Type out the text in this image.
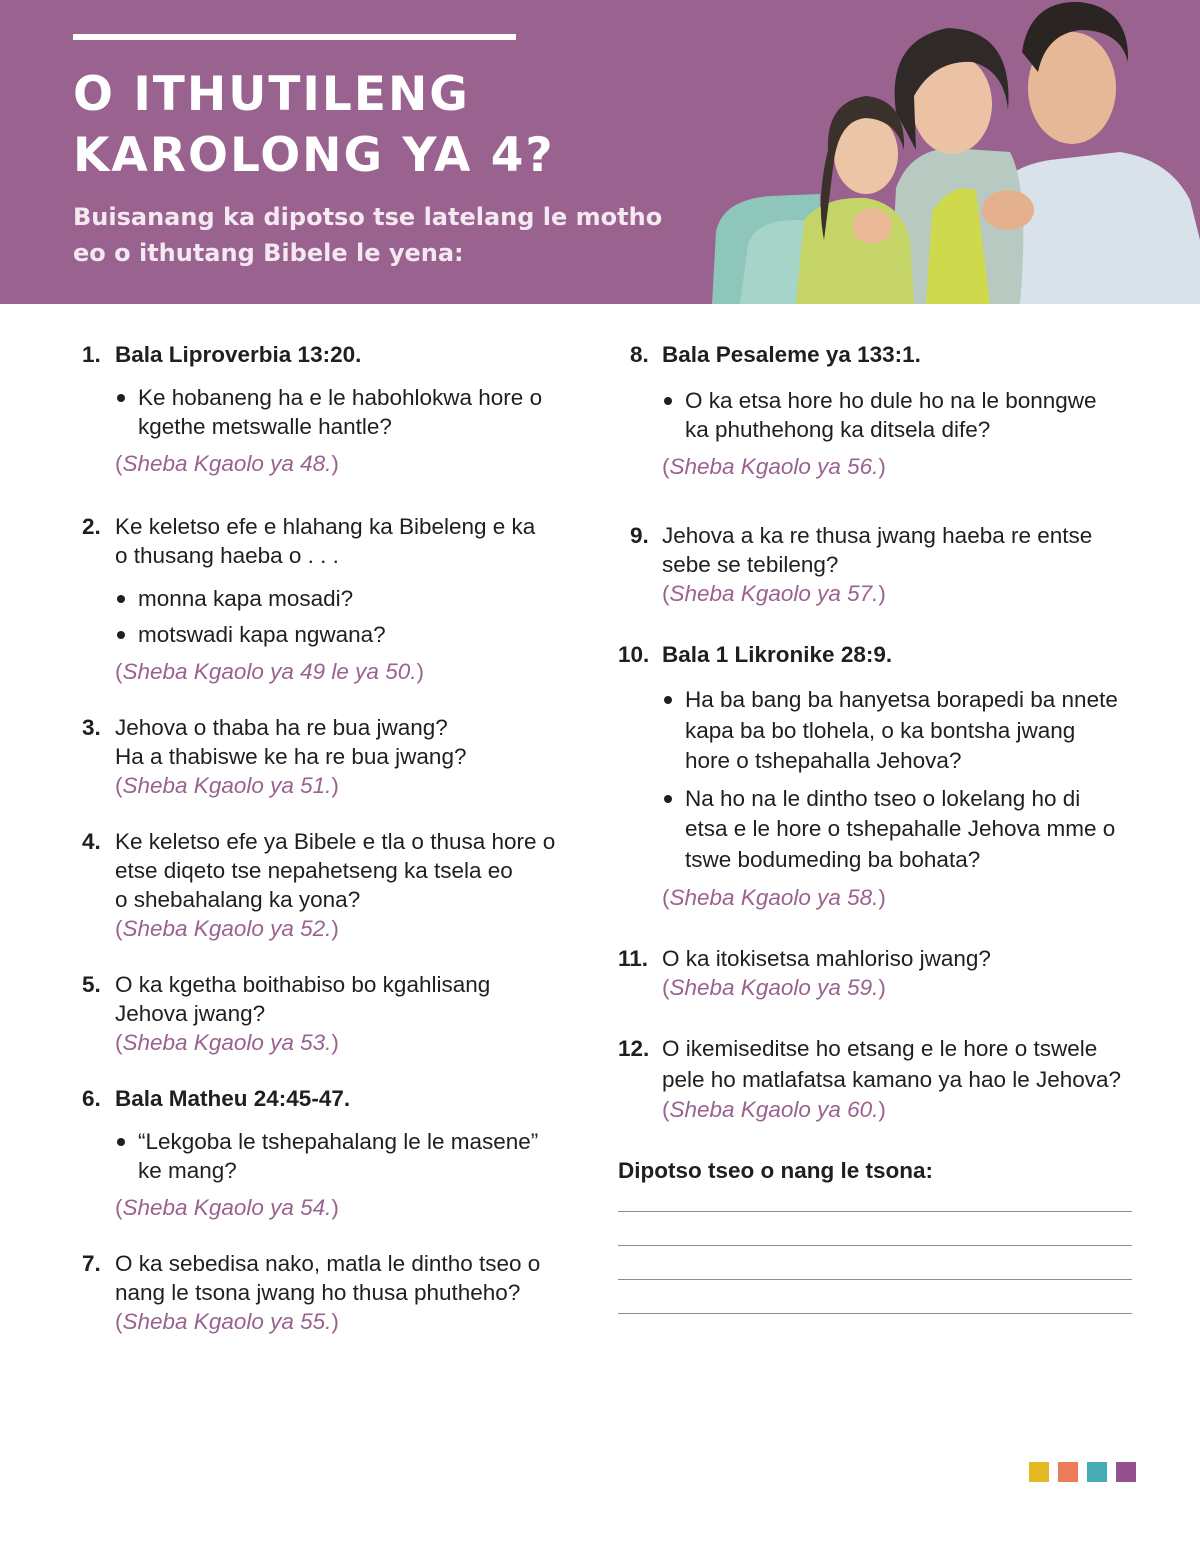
O ITHUTILENG
KAROLONG YA 4?

Buisanang ka dipotso tse latelang le motho
eo o ithutang Bibele le yena:

1. Bala Liproverbia 13:20.
Ke hobaneng ha e le habohlokwa hore o
kgethe metswalle hantle?
(Sheba Kgaolo ya 48.)
2. Ke keletso efe e hlahang ka Bibeleng e ka
o thusang haeba o . . .
monna kapa mosadi?
motswadi kapa ngwana?
(Sheba Kgaolo ya 49 le ya 50.)
3. Jehova o thaba ha re bua jwang?
Ha a thabiswe ke ha re bua jwang?
(Sheba Kgaolo ya 51.)
4. Ke keletso efe ya Bibele e tla o thusa hore o
etse diqeto tse nepahetseng ka tsela eo
o shebahalang ka yona?
(Sheba Kgaolo ya 52.)
5. O ka kgetha boithabiso bo kgahlisang
Jehova jwang?
(Sheba Kgaolo ya 53.)
6. Bala Matheu 24:45-47.
“Lekgoba le tshepahalang le le masene”
ke mang?
(Sheba Kgaolo ya 54.)
7. O ka sebedisa nako, matla le dintho tseo o
nang le tsona jwang ho thusa phutheho?
(Sheba Kgaolo ya 55.)
8. Bala Pesaleme ya 133:1.
O ka etsa hore ho dule ho na le bonngwe
ka phuthehong ka ditsela dife?
(Sheba Kgaolo ya 56.)
9. Jehova a ka re thusa jwang haeba re entse
sebe se tebileng?
(Sheba Kgaolo ya 57.)
10. Bala 1 Likronike 28:9.
Ha ba bang ba hanyetsa borapedi ba nnete
kapa ba bo tlohela, o ka bontsha jwang
hore o tshepahalla Jehova?
Na ho na le dintho tseo o lokelang ho di
etsa e le hore o tshepahalle Jehova mme o
tswe bodumeding ba bohata?
(Sheba Kgaolo ya 58.)
11. O ka itokisetsa mahloriso jwang?
(Sheba Kgaolo ya 59.)
12. O ikemiseditse ho etsang e le hore o tswele
pele ho matlafatsa kamano ya hao le Jehova?
(Sheba Kgaolo ya 60.)
Dipotso tseo o nang le tsona:
